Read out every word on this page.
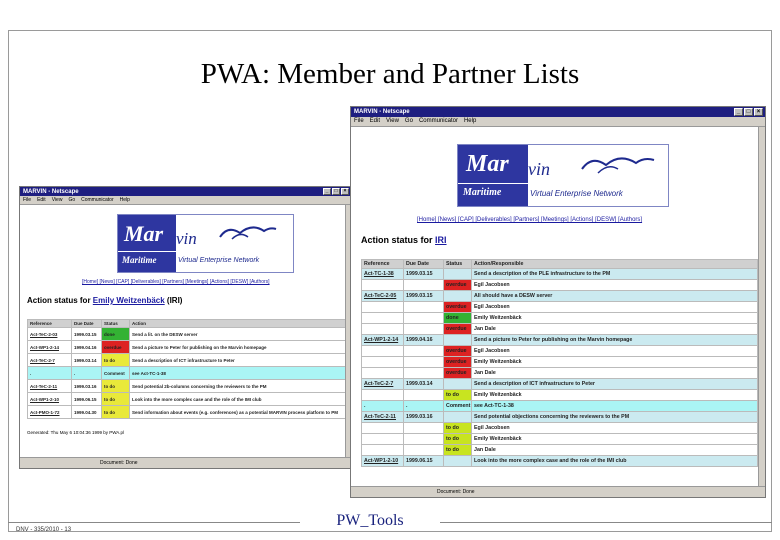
PWA: Member and Partner Lists
MARVIN - Netscape	_	□	×
File	Edit	View	Go	Communicator	Help
Mar vin
Maritime	Virtual Enterprise Network
[Home] [News] [CAP] [Deliverables] [Partners] [Meetings] [Actions] [DESW] [Authors]
Action status for Emily Weitzenbäck (IRI)
Reference	Due Date	Status	Action
Act-TeC-2-03	1999.03.15	done	Send a lit. on the DESW server
Act-WP1-2-14	1999.04.16	overdue	Send a picture to Peter for publishing on the Marvin homepage
Act-TeC-2-7	1999.03.14	to do	Send a description of ICT infrastructure to Peter
.	.	Comment	see Act-TC-1-38
Act-TeC-2-11	1999.03.16	to do	Send potential 2b-columns concerning the reviewers to the PM
Act-WP1-2-10	1999.06.15	to do	Look into the more complex case and the role of the IMI club
Act-PMO-1-72	1999.04.30	to do	Send information about events (e.g. conferences) as a potential MARVIN process platform to PM
Generated: Thu May 6 10:04:36 1999 by PWA.pl
Document: Done
MARVIN - Netscape	_	□	×
File	Edit	View	Go	Communicator	Help
Mar vin
Maritime	Virtual Enterprise Network
[Home] [News] [CAP] [Deliverables] [Partners] [Meetings] [Actions] [DESW] [Authors]
Action status for IRI
Reference	Due Date	Status	Action/Responsible
Act-TC-1-38	1999.03.15		Send a description of the PLE infrastructure to the PM
		overdue	Egil Jacobsen
Act-TeC-2-05	1999.03.15		All should have a DESW server
		overdue	Egil Jacobsen
		done	Emily Weitzenbäck
		overdue	Jan Dale
Act-WP1-2-14	1999.04.16		Send a picture to Peter for publishing on the Marvin homepage
		overdue	Egil Jacobsen
		overdue	Emily Weitzenbäck
		overdue	Jan Dale
Act-TeC-2-7	1999.03.14		Send a description of ICT infrastructure to Peter
		to do	Emily Weitzenbäck
.	.	Comment	see Act-TC-1-38
Act-TeC-2-11	1999.03.16		Send potential objections concerning the reviewers to the PM
		to do	Egil Jacobsen
		to do	Emily Weitzenbäck
		to do	Jan Dale
Act-WP1-2-10	1999.06.15		Look into the more complex case and the role of the IMI club
Document: Done
PW_Tools
DNV - 335/2010 - 13
